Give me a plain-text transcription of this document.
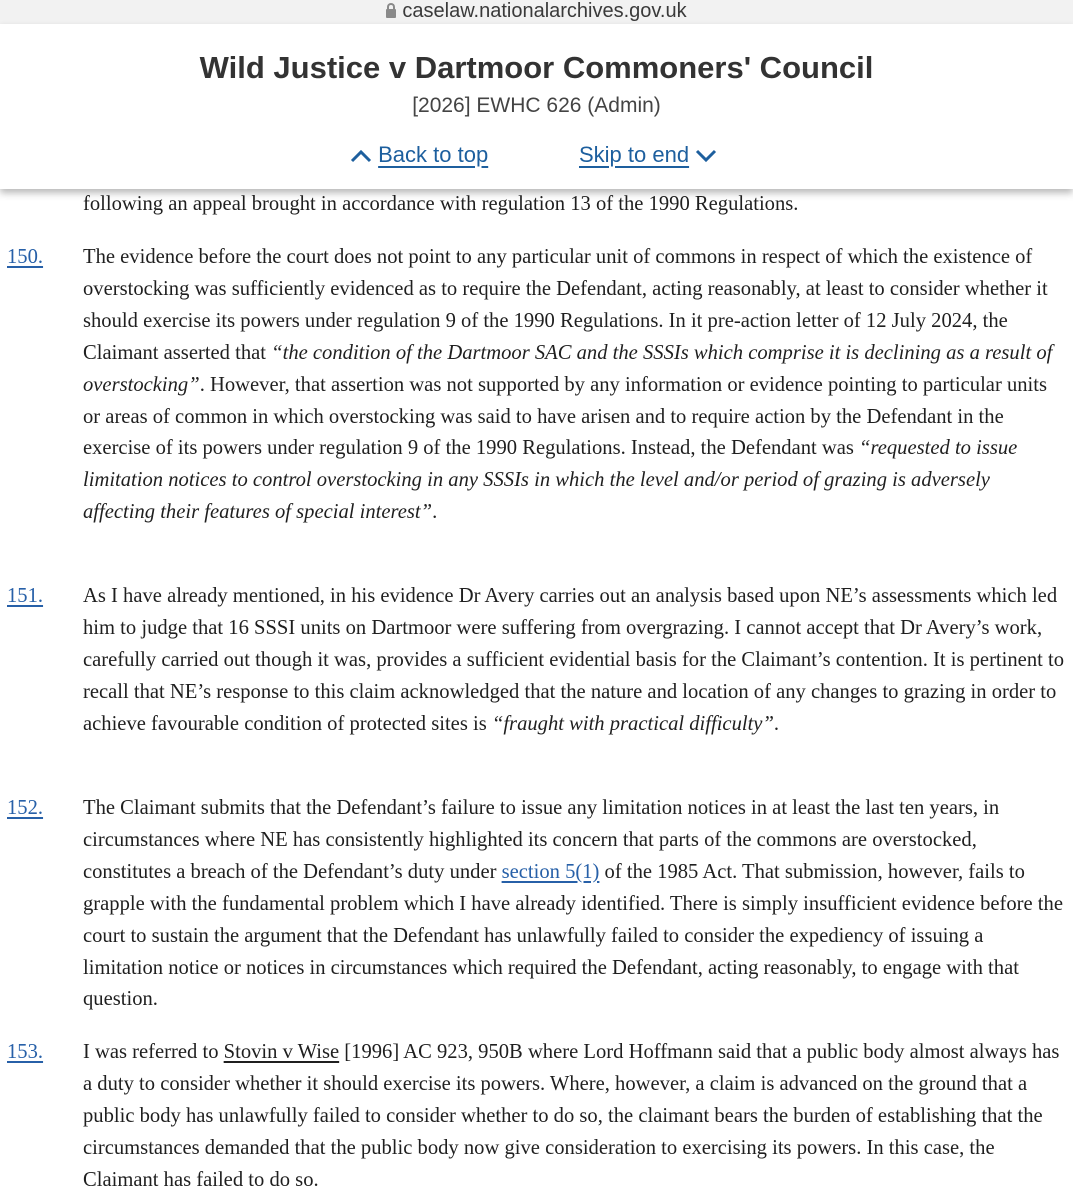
caselaw.nationalarchives.gov.uk
Wild Justice v Dartmoor Commoners' Council
[2026] EWHC 626 (Admin)
Back to top	Skip to end
following an appeal brought in accordance with regulation 13 of the 1990 Regulations.
150. The evidence before the court does not point to any particular unit of commons in respect of which the existence of overstocking was sufficiently evidenced as to require the Defendant, acting reasonably, at least to consider whether it should exercise its powers under regulation 9 of the 1990 Regulations. In it pre-action letter of 12 July 2024, the Claimant asserted that “the condition of the Dartmoor SAC and the SSSIs which comprise it is declining as a result of overstocking”. However, that assertion was not supported by any information or evidence pointing to particular units or areas of common in which overstocking was said to have arisen and to require action by the Defendant in the exercise of its powers under regulation 9 of the 1990 Regulations. Instead, the Defendant was “requested to issue limitation notices to control overstocking in any SSSIs in which the level and/or period of grazing is adversely affecting their features of special interest”.
151. As I have already mentioned, in his evidence Dr Avery carries out an analysis based upon NE’s assessments which led him to judge that 16 SSSI units on Dartmoor were suffering from overgrazing. I cannot accept that Dr Avery’s work, carefully carried out though it was, provides a sufficient evidential basis for the Claimant’s contention. It is pertinent to recall that NE’s response to this claim acknowledged that the nature and location of any changes to grazing in order to achieve favourable condition of protected sites is “fraught with practical difficulty”.
152. The Claimant submits that the Defendant’s failure to issue any limitation notices in at least the last ten years, in circumstances where NE has consistently highlighted its concern that parts of the commons are overstocked, constitutes a breach of the Defendant’s duty under section 5(1) of the 1985 Act. That submission, however, fails to grapple with the fundamental problem which I have already identified. There is simply insufficient evidence before the court to sustain the argument that the Defendant has unlawfully failed to consider the expediency of issuing a limitation notice or notices in circumstances which required the Defendant, acting reasonably, to engage with that question.
153. I was referred to Stovin v Wise [1996] AC 923, 950B where Lord Hoffmann said that a public body almost always has a duty to consider whether it should exercise its powers. Where, however, a claim is advanced on the ground that a public body has unlawfully failed to consider whether to do so, the claimant bears the burden of establishing that the circumstances demanded that the public body now give consideration to exercising its powers. In this case, the Claimant has failed to do so.
